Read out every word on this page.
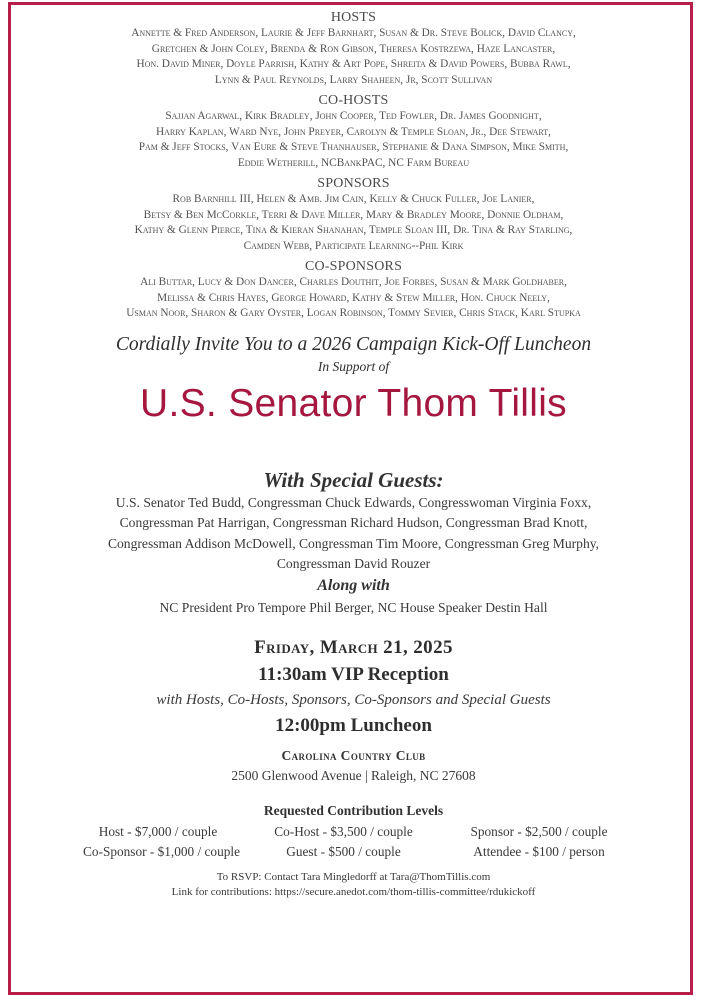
HOSTS
Annette & Fred Anderson, Laurie & Jeff Barnhart, Susan & Dr. Steve Bolick, David Clancy,
Gretchen & John Coley, Brenda & Ron Gibson, Theresa Kostrzewa, Haze Lancaster,
Hon. David Miner, Doyle Parrish, Kathy & Art Pope, Shreita & David Powers, Bubba Rawl,
Lynn & Paul Reynolds, Larry Shaheen, Jr, Scott Sullivan
CO-HOSTS
Sajjan Agarwal, Kirk Bradley, John Cooper, Ted Fowler, Dr. James Goodnight,
Harry Kaplan, Ward Nye, John Preyer, Carolyn & Temple Sloan, Jr., Dee Stewart,
Pam & Jeff Stocks, Van Eure & Steve Thanhauser, Stephanie & Dana Simpson, Mike Smith,
Eddie Wetherill, NCBankPAC, NC Farm Bureau
SPONSORS
Rob Barnhill III, Helen & Amb. Jim Cain, Kelly & Chuck Fuller, Joe Lanier,
Betsy & Ben McCorkle, Terri & Dave Miller, Mary & Bradley Moore, Donnie Oldham,
Kathy & Glenn Pierce, Tina & Kieran Shanahan, Temple Sloan III, Dr. Tina & Ray Starling,
Camden Webb, Participate Learning--Phil Kirk
CO-SPONSORS
Ali Buttar, Lucy & Don Dancer, Charles Douthit, Joe Forbes, Susan & Mark Goldhaber,
Melissa & Chris Hayes, George Howard, Kathy & Stew Miller, Hon. Chuck Neely,
Usman Noor, Sharon & Gary Oyster, Logan Robinson, Tommy Sevier, Chris Stack, Karl Stupka
Cordially Invite You to a 2026 Campaign Kick-Off Luncheon
In Support of
U.S. Senator Thom Tillis
With Special Guests:
U.S. Senator Ted Budd, Congressman Chuck Edwards, Congresswoman Virginia Foxx,
Congressman Pat Harrigan, Congressman Richard Hudson, Congressman Brad Knott,
Congressman Addison McDowell, Congressman Tim Moore, Congressman Greg Murphy,
Congressman David Rouzer
Along with
NC President Pro Tempore Phil Berger, NC House Speaker Destin Hall
Friday, March 21, 2025
11:30am VIP Reception
with Hosts, Co-Hosts, Sponsors, Co-Sponsors and Special Guests
12:00pm Luncheon
Carolina Country Club
2500 Glenwood Avenue | Raleigh, NC 27608
Requested Contribution Levels
Host - $7,000 / couple	Co-Host - $3,500 / couple	Sponsor - $2,500 / couple
Co-Sponsor - $1,000 / couple	Guest - $500 / couple	Attendee - $100 / person
To RSVP: Contact Tara Mingledorff at Tara@ThomTillis.com
Link for contributions: https://secure.anedot.com/thom-tillis-committee/rdukickoff
